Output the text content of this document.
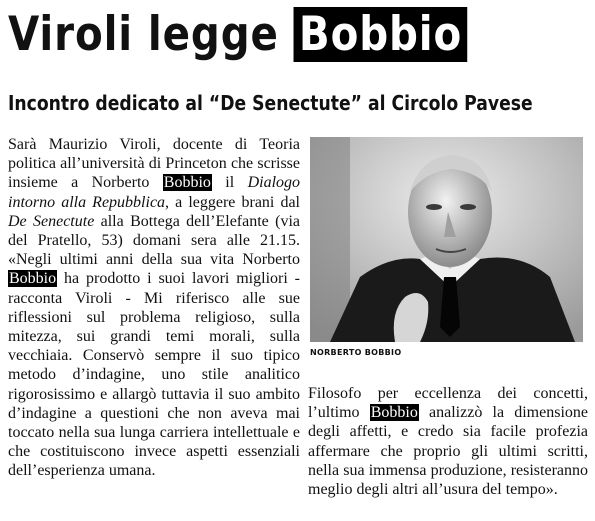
Viroli legge Bobbio
Incontro dedicato al “De Senectute” al Circolo Pavese

Sarà Maurizio Viroli, docente di Teoria politica all’università di Princeton che scrisse insieme a Norberto Bobbio il Dialogo intorno alla Repubblica, a leggere brani dal De Senectute alla Bottega dell’Elefante (via del Pratello, 53) domani sera alle 21.15. «Negli ultimi anni della sua vita Norberto Bobbio ha prodotto i suoi lavori migliori - racconta Viroli - Mi riferisco alle sue riflessioni sul problema religioso, sulla mitezza, sui grandi temi morali, sulla vecchiaia. Conservò sempre il suo tipico metodo d’indagine, uno stile analitico rigorosissimo e allargò tuttavia il suo ambito d’indagine a questioni che non aveva mai toccato nella sua lunga carriera intellettuale e che costituiscono invece aspetti essenziali dell’esperienza umana.

NORBERTO BOBBIO

Filosofo per eccellenza dei concetti, l’ultimo Bobbio analizzò la dimensione degli affetti, e credo sia facile profezia affermare che proprio gli ultimi scritti, nella sua immensa produzione, resisteranno meglio degli altri all’usura del tempo».
